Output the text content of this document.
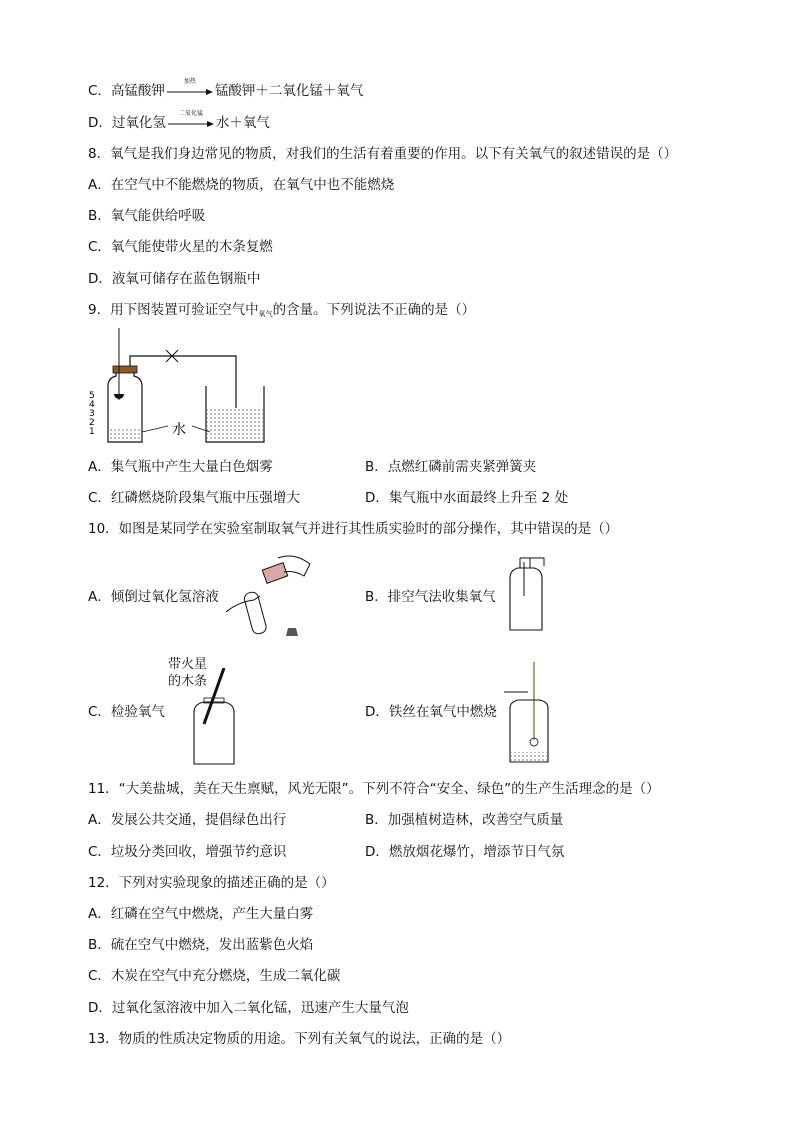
C．高锰酸钾
加热
锰酸钾＋二氧化锰＋氧气
D．过氧化氢
二氧化锰
水＋氧气
8．氧气是我们身边常见的物质，对我们的生活有着重要的作用。以下有关氧气的叙述错误的是（）
A．在空气中不能燃烧的物质，在氧气中也不能燃烧
B．氧气能供给呼吸
C．氧气能使带火星的木条复燃
D．液氧可储存在蓝色钢瓶中
9．用下图装置可验证空气中氧气的含量。下列说法不正确的是（）
5
4
3
2
1	水
A．集气瓶中产生大量白色烟雾	B．点燃红磷前需夹紧弹簧夹
C．红磷燃烧阶段集气瓶中压强增大	D．集气瓶中水面最终上升至 2 处
10．如图是某同学在实验室制取氧气并进行其性质实验时的部分操作，其中错误的是（）
A．倾倒过氧化氢溶液	B．排空气法收集氧气
C．检验氧气
带火星
的木条
D．铁丝在氧气中燃烧
11．“大美盐城，美在天生禀赋，风光无限”。下列不符合“安全、绿色”的生产生活理念的是（）
A．发展公共交通，提倡绿色出行	B．加强植树造林，改善空气质量
C．垃圾分类回收，增强节约意识	D．燃放烟花爆竹，增添节日气氛
12．下列对实验现象的描述正确的是（）
A．红磷在空气中燃烧，产生大量白雾
B．硫在空气中燃烧，发出蓝紫色火焰
C．木炭在空气中充分燃烧，生成二氧化碳
D．过氧化氢溶液中加入二氧化锰，迅速产生大量气泡
13．物质的性质决定物质的用途。下列有关氧气的说法，正确的是（）
